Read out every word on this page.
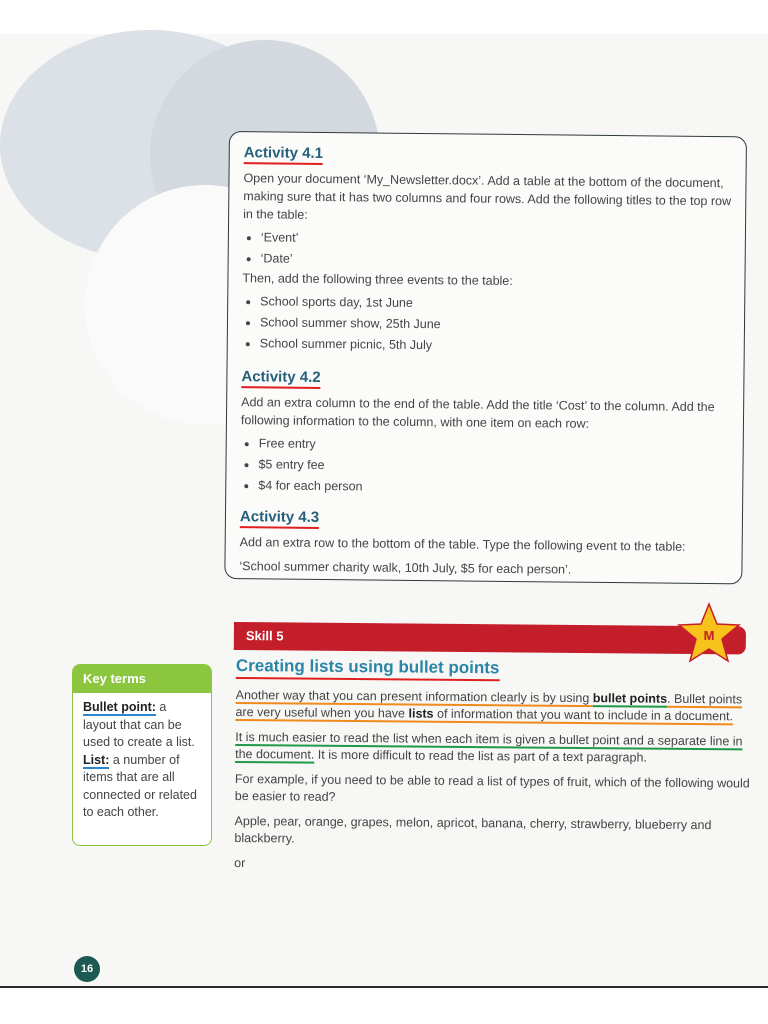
Activity 4.1
Open your document ‘My_Newsletter.docx’. Add a table at the bottom of the document, making sure that it has two columns and four rows. Add the following titles to the top row in the table:
• ‘Event’
• ‘Date’
Then, add the following three events to the table:
• School sports day, 1st June
• School summer show, 25th June
• School summer picnic, 5th July
Activity 4.2
Add an extra column to the end of the table. Add the title ‘Cost’ to the column. Add the following information to the column, with one item on each row:
• Free entry
• $5 entry fee
• $4 for each person
Activity 4.3
Add an extra row to the bottom of the table. Type the following event to the table:
‘School summer charity walk, 10th July, $5 for each person’.
Skill 5	M
Creating lists using bullet points

Another way that you can present information clearly is by using bullet points. Bullet points are very useful when you have lists of information that you want to include in a document.

It is much easier to read the list when each item is given a bullet point and a separate line in the document. It is more difficult to read the list as part of a text paragraph.

For example, if you need to be able to read a list of types of fruit, which of the following would be easier to read?

Apple, pear, orange, grapes, melon, apricot, banana, cherry, strawberry, blueberry and blackberry.

or

Key terms
Bullet point: a layout that can be used to create a list.
List: a number of items that are all connected or related to each other.
16
